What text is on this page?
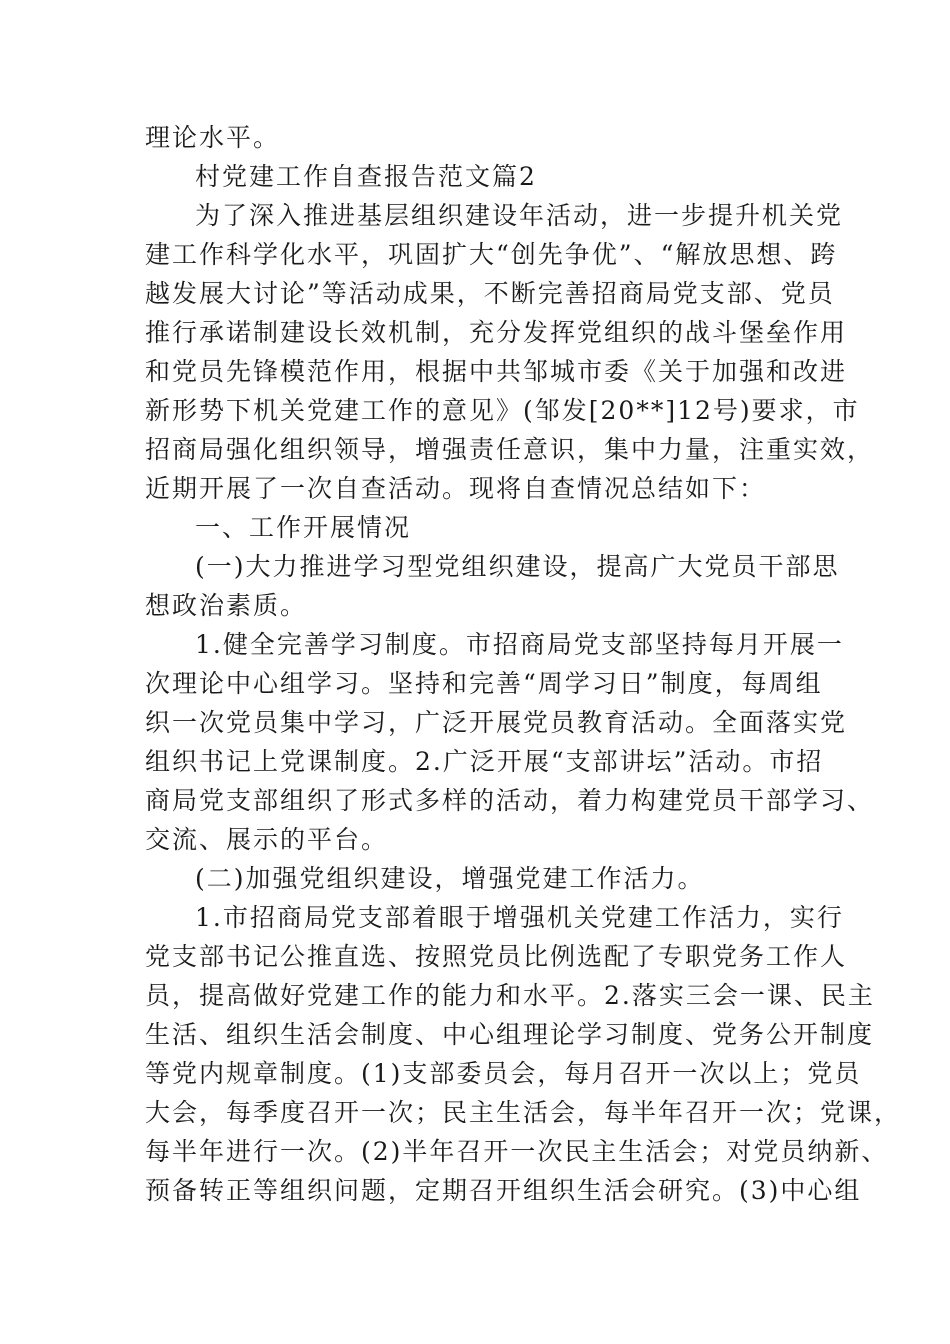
理论水平。
村党建工作自查报告范文篇2
为了深入推进基层组织建设年活动，进一步提升机关党
建工作科学化水平，巩固扩大“创先争优”、“解放思想、跨
越发展大讨论”等活动成果，不断完善招商局党支部、党员
推行承诺制建设长效机制，充分发挥党组织的战斗堡垒作用
和党员先锋模范作用，根据中共邹城市委《关于加强和改进
新形势下机关党建工作的意见》(邹发[20**]12号)要求，市
招商局强化组织领导，增强责任意识，集中力量，注重实效，
近期开展了一次自查活动。现将自查情况总结如下：
一、工作开展情况
(一)大力推进学习型党组织建设，提高广大党员干部思
想政治素质。
1.健全完善学习制度。市招商局党支部坚持每月开展一
次理论中心组学习。坚持和完善“周学习日”制度，每周组
织一次党员集中学习，广泛开展党员教育活动。全面落实党
组织书记上党课制度。2.广泛开展“支部讲坛”活动。市招
商局党支部组织了形式多样的活动，着力构建党员干部学习、
交流、展示的平台。
(二)加强党组织建设，增强党建工作活力。
1.市招商局党支部着眼于增强机关党建工作活力，实行
党支部书记公推直选、按照党员比例选配了专职党务工作人
员，提高做好党建工作的能力和水平。2.落实三会一课、民主
生活、组织生活会制度、中心组理论学习制度、党务公开制度
等党内规章制度。(1)支部委员会，每月召开一次以上；党员
大会，每季度召开一次；民主生活会，每半年召开一次；党课，
每半年进行一次。(2)半年召开一次民主生活会；对党员纳新、
预备转正等组织问题，定期召开组织生活会研究。(3)中心组
